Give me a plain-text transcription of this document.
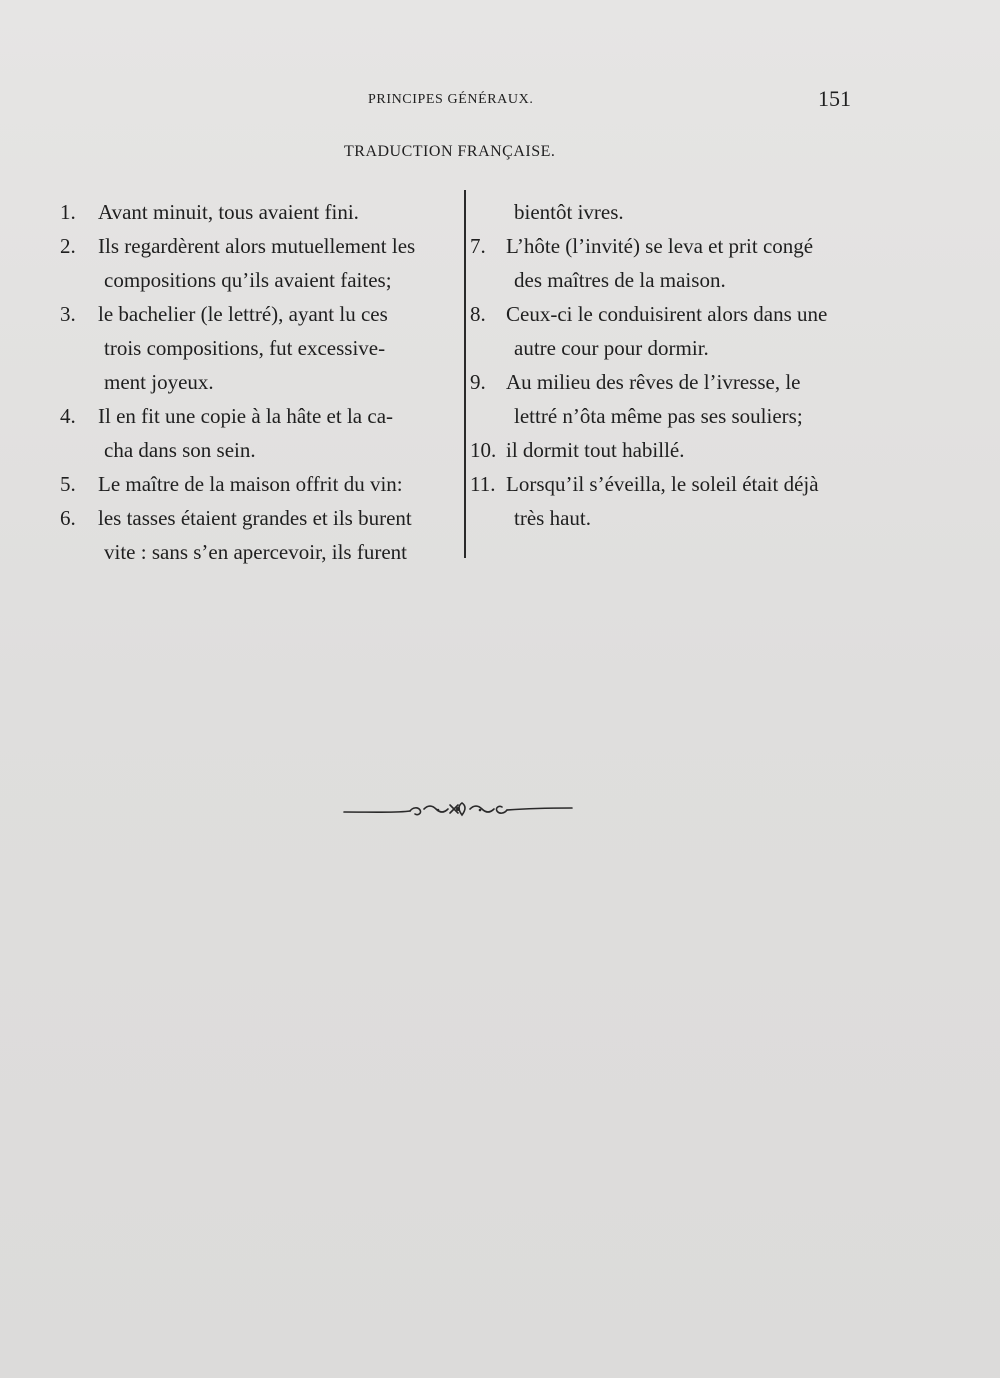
PRINCIPES GÉNÉRAUX.	151
TRADUCTION FRANÇAISE.
1. Avant minuit, tous avaient fini.
2. Ils regardèrent alors mutuellement les
compositions qu’ils avaient faites;
3. le bachelier (le lettré), ayant lu ces
trois compositions, fut excessive-
ment joyeux.
4. Il en fit une copie à la hâte et la ca-
cha dans son sein.
5. Le maître de la maison offrit du vin:
6. les tasses étaient grandes et ils burent
vite : sans s’en apercevoir, ils furent
bientôt ivres.
7. L’hôte (l’invité) se leva et prit congé
des maîtres de la maison.
8. Ceux-ci le conduisirent alors dans une
autre cour pour dormir.
9. Au milieu des rêves de l’ivresse, le
lettré n’ôta même pas ses souliers;
10. il dormit tout habillé.
11. Lorsqu’il s’éveilla, le soleil était déjà
très haut.
